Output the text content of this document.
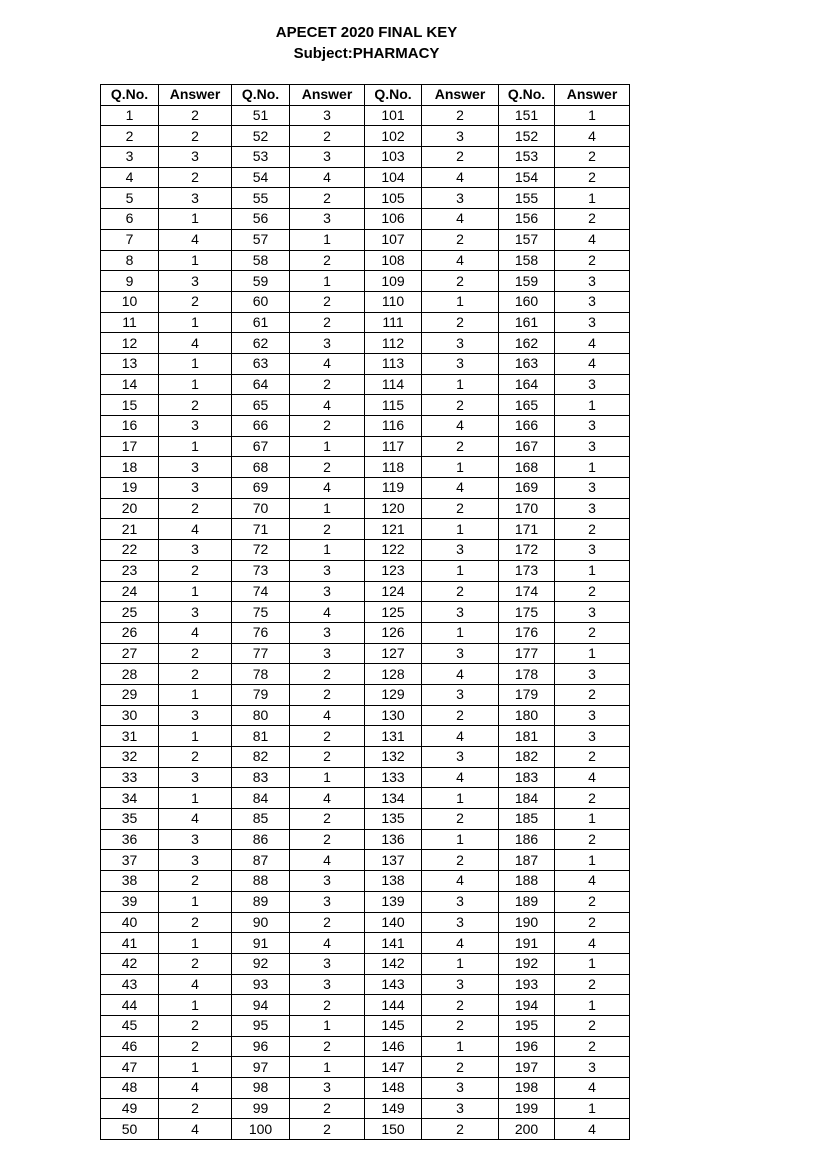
APECET 2020 FINAL KEY
Subject:PHARMACY
Q.No.	Answer	Q.No.	Answer	Q.No.	Answer	Q.No.	Answer
1	2	51	3	101	2	151	1
2	2	52	2	102	3	152	4
3	3	53	3	103	2	153	2
4	2	54	4	104	4	154	2
5	3	55	2	105	3	155	1
6	1	56	3	106	4	156	2
7	4	57	1	107	2	157	4
8	1	58	2	108	4	158	2
9	3	59	1	109	2	159	3
10	2	60	2	110	1	160	3
11	1	61	2	111	2	161	3
12	4	62	3	112	3	162	4
13	1	63	4	113	3	163	4
14	1	64	2	114	1	164	3
15	2	65	4	115	2	165	1
16	3	66	2	116	4	166	3
17	1	67	1	117	2	167	3
18	3	68	2	118	1	168	1
19	3	69	4	119	4	169	3
20	2	70	1	120	2	170	3
21	4	71	2	121	1	171	2
22	3	72	1	122	3	172	3
23	2	73	3	123	1	173	1
24	1	74	3	124	2	174	2
25	3	75	4	125	3	175	3
26	4	76	3	126	1	176	2
27	2	77	3	127	3	177	1
28	2	78	2	128	4	178	3
29	1	79	2	129	3	179	2
30	3	80	4	130	2	180	3
31	1	81	2	131	4	181	3
32	2	82	2	132	3	182	2
33	3	83	1	133	4	183	4
34	1	84	4	134	1	184	2
35	4	85	2	135	2	185	1
36	3	86	2	136	1	186	2
37	3	87	4	137	2	187	1
38	2	88	3	138	4	188	4
39	1	89	3	139	3	189	2
40	2	90	2	140	3	190	2
41	1	91	4	141	4	191	4
42	2	92	3	142	1	192	1
43	4	93	3	143	3	193	2
44	1	94	2	144	2	194	1
45	2	95	1	145	2	195	2
46	2	96	2	146	1	196	2
47	1	97	1	147	2	197	3
48	4	98	3	148	3	198	4
49	2	99	2	149	3	199	1
50	4	100	2	150	2	200	4
